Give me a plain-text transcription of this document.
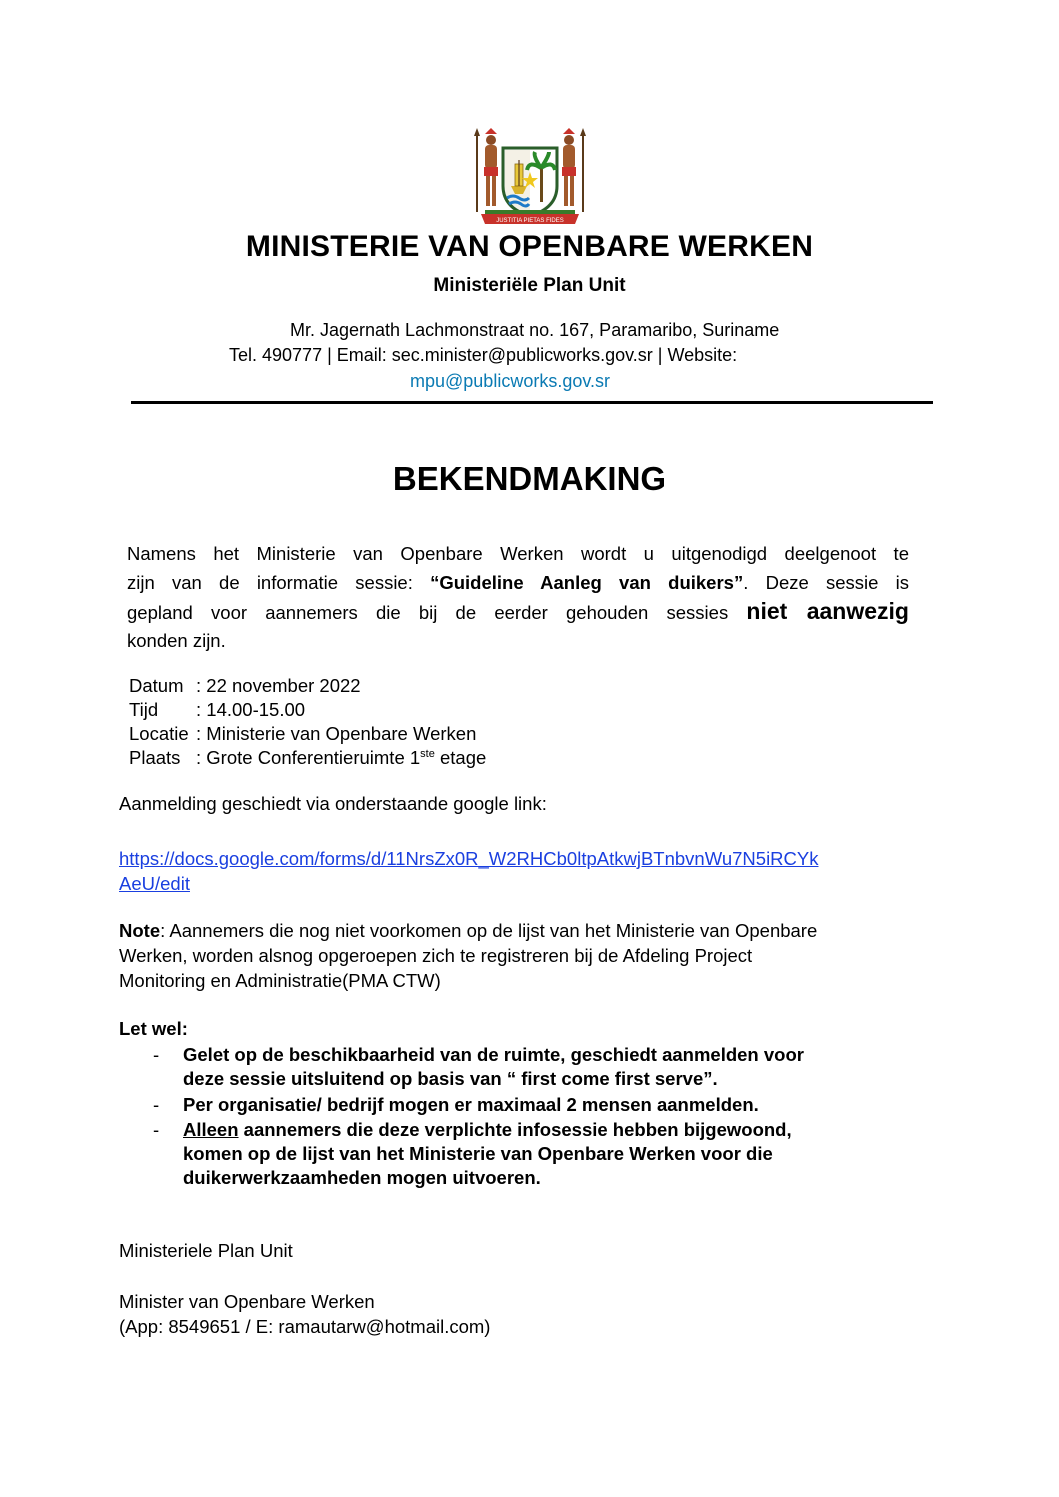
JUSTITIA PIETAS FIDES
MINISTERIE VAN OPENBARE WERKEN
Ministeriële Plan Unit
Mr. Jagernath Lachmonstraat no. 167, Paramaribo, Suriname
Tel. 490777 | Email: sec.minister@publicworks.gov.sr | Website:
mpu@publicworks.gov.sr
BEKENDMAKING
Namens het Ministerie van Openbare Werken wordt u uitgenodigd deelgenoot te
zijn van de informatie sessie: “Guideline Aanleg van duikers”. Deze sessie is
gepland voor aannemers die bij de eerder gehouden sessies niet aanwezig
konden zijn.
Datum : 22 november 2022
Tijd : 14.00-15.00
Locatie : Ministerie van Openbare Werken
Plaats : Grote Conferentieruimte 1ste etage
Aanmelding geschiedt via onderstaande google link:
https://docs.google.com/forms/d/11NrsZx0R_W2RHCb0ltpAtkwjBTnbvnWu7N5iRCYk
AeU/edit
Note: Aannemers die nog niet voorkomen op de lijst van het Ministerie van Openbare
Werken, worden alsnog opgeroepen zich te registreren bij de Afdeling Project
Monitoring en Administratie(PMA CTW)
Let wel:
- Gelet op de beschikbaarheid van de ruimte, geschiedt aanmelden voor
deze sessie uitsluitend op basis van “ first come first serve”.
- Per organisatie/ bedrijf mogen er maximaal 2 mensen aanmelden.
- Alleen aannemers die deze verplichte infosessie hebben bijgewoond,
komen op de lijst van het Ministerie van Openbare Werken voor die
duikerwerkzaamheden mogen uitvoeren.
Ministeriele Plan Unit
Minister van Openbare Werken
(App: 8549651 / E: ramautarw@hotmail.com)
